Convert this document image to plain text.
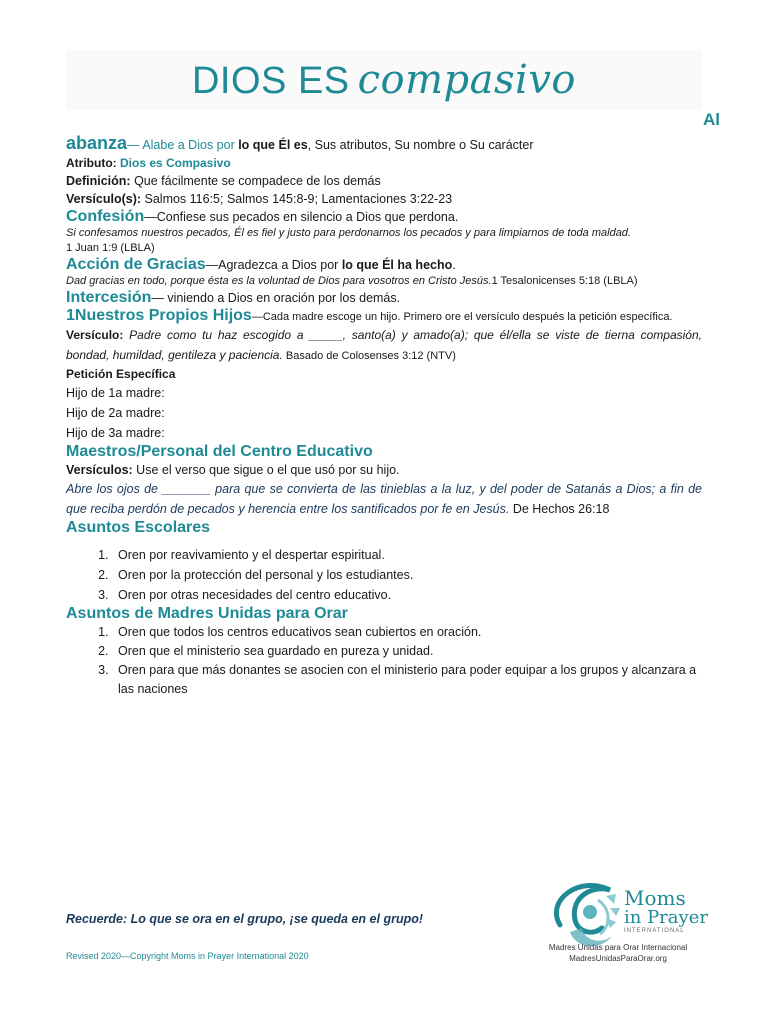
DIOS ES compasivo
Al

abanza— Alabe a Dios por lo que Él es, Sus atributos, Su nombre o Su carácter

Atributo: Dios es Compasivo

Definición: Que fácilmente se compadece de los demás

Versículo(s): Salmos 116:5; Salmos 145:8-9; Lamentaciones 3:22-23

Confesión—Confiese sus pecados en silencio a Dios que perdona.

Si confesamos nuestros pecados, Él es fiel y justo para perdonarnos los pecados y para limpiarnos de toda maldad.
1 Juan 1:9 (LBLA)

Acción de Gracias—Agradezca a Dios por lo que Él ha hecho.

Dad gracias en todo, porque ésta es la voluntad de Dios para vosotros en Cristo Jesús.1 Tesalonicenses 5:18 (LBLA)

Intercesión— viniendo a Dios en oración por los demás.

1Nuestros Propios Hijos—Cada madre escoge un hijo. Primero ore el versículo después la petición específica.

Versículo: Padre como tu haz escogido a _____, santo(a) y amado(a); que él/ella se viste de tierna compasión, bondad, humildad, gentileza y paciencia. Basado de Colosenses 3:12 (NTV)

Petición Específica

Hijo de 1a madre:

Hijo de 2a madre:

Hijo de 3a madre:

Maestros/Personal del Centro Educativo

Versículos: Use el verso que sigue o el que usó por su hijo.

Abre los ojos de _______ para que se convierta de las tinieblas a la luz, y del poder de Satanás a Dios; a fin de que reciba perdón de pecados y herencia entre los santificados por fe en Jesús. De Hechos 26:18

Asuntos Escolares

1. Oren por reavivamiento y el despertar espiritual.
2. Oren por la protección del personal y los estudiantes.
3. Oren por otras necesidades del centro educativo.

Asuntos de Madres Unidas para Orar

1. Oren que todos los centros educativos sean cubiertos en oración.
2. Oren que el ministerio sea guardado en pureza y unidad.
3. Oren para que más donantes se asocien con el ministerio para poder equipar a los grupos y alcanzara a las naciones
Recuerde: Lo que se ora en el grupo, ¡se queda en el grupo!
Revised 2020—Copyright Moms in Prayer International 2020
Moms
in Prayer
INTERNATIONAL
Madres Unidas para Orar Internacional
MadresUnidasParaOrar.org
